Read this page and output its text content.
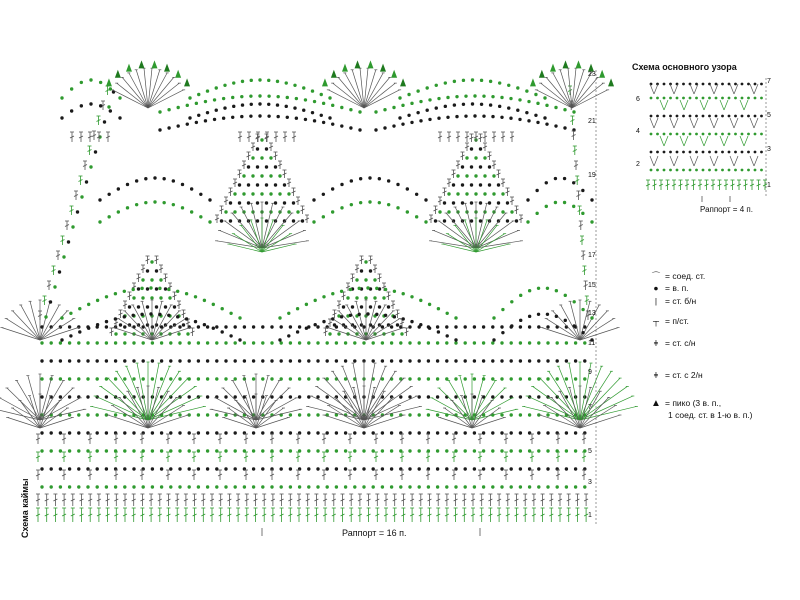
Схема каймы	Раппорт = 16 п.
1
3
5
7
9
11
13
15
17
19
21
23
Схема основного узора
Раппорт = 4 п.
1
3
5
7
2
4
6
⌒ = соед. ст.
● = в. п.
| = ст. б/н
┬ = п/ст.
ǂ = ст. с/н
ǂ = ст. с 2/н
▲ = пико (3 в. п.,
1 соед. ст. в 1-ю в. п.)
